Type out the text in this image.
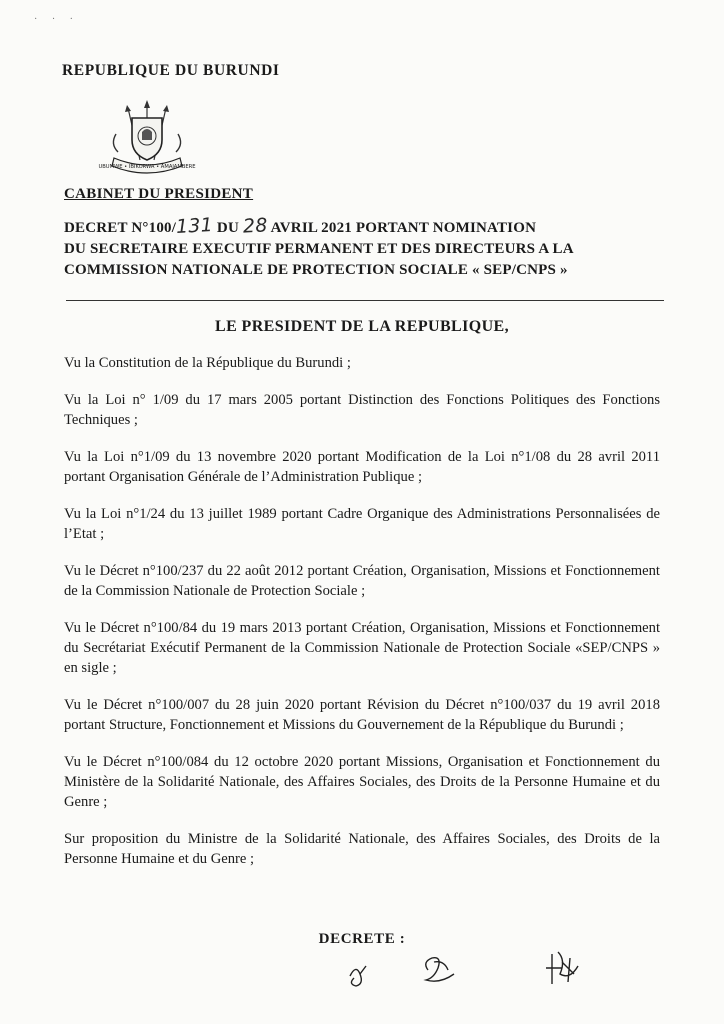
· · ·
REPUBLIQUE DU BURUNDI
UBUMWE • IBIKORWA • AMAJAMBERE
CABINET DU PRESIDENT
DECRET N°100/131 DU 28 AVRIL 2021 PORTANT NOMINATION
DU SECRETAIRE EXECUTIF PERMANENT ET DES DIRECTEURS A LA
COMMISSION NATIONALE DE PROTECTION SOCIALE « SEP/CNPS »
LE PRESIDENT DE LA REPUBLIQUE,

Vu la Constitution de la République du Burundi ;

Vu la Loi n° 1/09 du 17 mars 2005 portant Distinction des Fonctions Politiques des Fonctions Techniques ;

Vu la Loi n°1/09 du 13 novembre 2020 portant Modification de la Loi n°1/08 du 28 avril 2011 portant Organisation Générale de l’Administration Publique ;

Vu la Loi n°1/24 du 13 juillet 1989 portant Cadre Organique des Administrations Personnalisées de l’Etat ;

Vu le Décret n°100/237 du 22 août 2012 portant Création, Organisation, Missions et Fonctionnement de la Commission Nationale de Protection Sociale ;

Vu le Décret n°100/84 du 19 mars 2013 portant Création, Organisation, Missions et Fonctionnement du Secrétariat Exécutif Permanent de la Commission Nationale de Protection Sociale «SEP/CNPS » en sigle ;

Vu le Décret n°100/007 du 28 juin 2020 portant Révision du Décret n°100/037 du 19 avril 2018 portant Structure, Fonctionnement et Missions du Gouvernement de la République du Burundi ;

Vu le Décret n°100/084 du 12 octobre 2020 portant Missions, Organisation et Fonctionnement du Ministère de la Solidarité Nationale, des Affaires Sociales, des Droits de la Personne Humaine et du Genre ;

Sur proposition du Ministre de la Solidarité Nationale, des Affaires Sociales, des Droits de la Personne Humaine et du Genre ;

DECRETE :
